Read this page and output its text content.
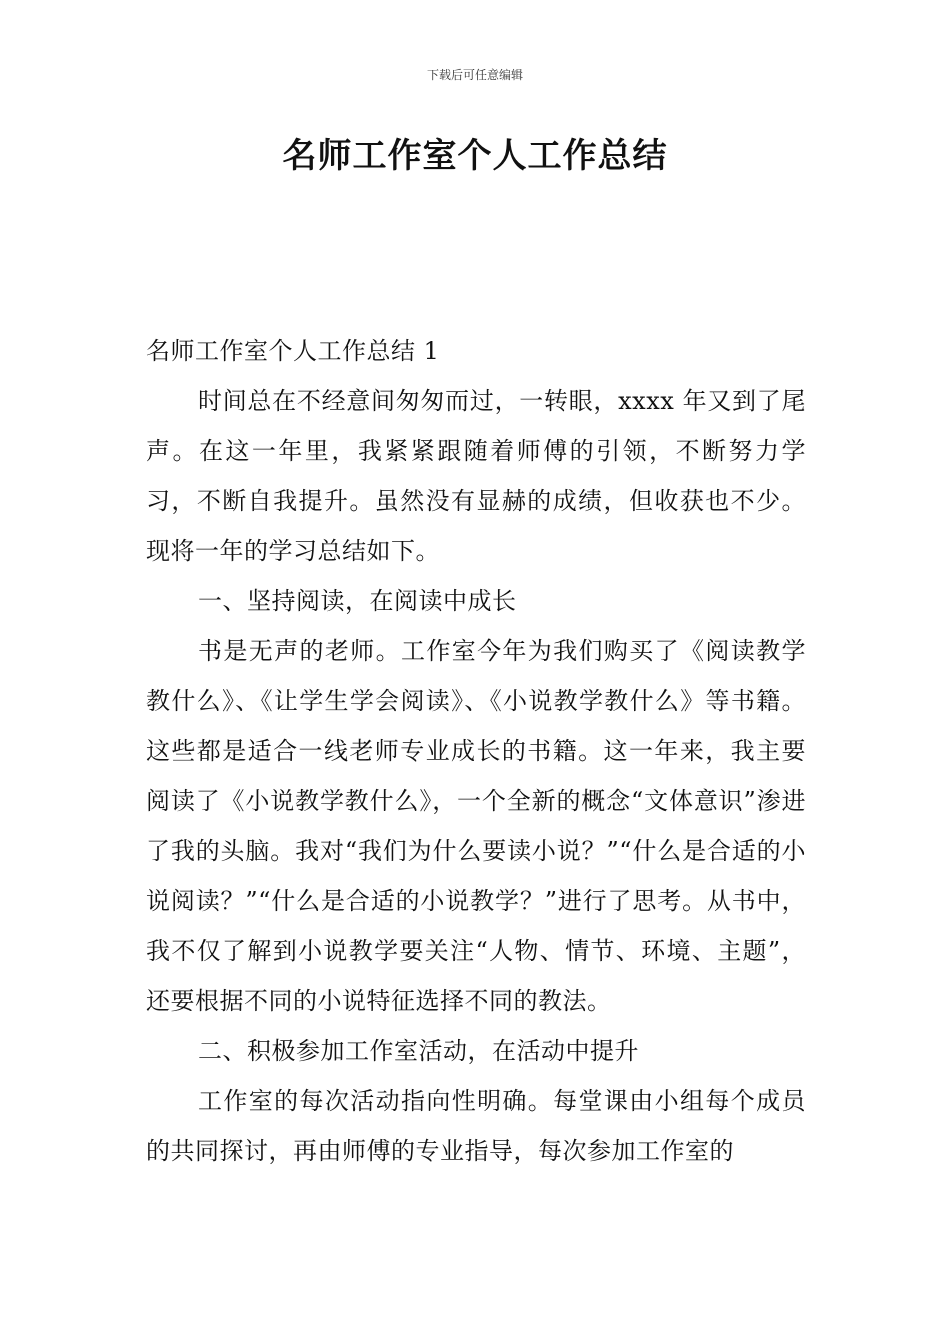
下载后可任意编辑
名师工作室个人工作总结

名师工作室个人工作总结 1

时间总在不经意间匆匆而过，一转眼，xxxx 年又到了尾声。在这一年里，我紧紧跟随着师傅的引领，不断努力学习，不断自我提升。虽然没有显赫的成绩，但收获也不少。现将一年的学习总结如下。

一、坚持阅读，在阅读中成长

书是无声的老师。工作室今年为我们购买了《阅读教学教什么》、《让学生学会阅读》、《小说教学教什么》等书籍。这些都是适合一线老师专业成长的书籍。这一年来，我主要阅读了《小说教学教什么》，一个全新的概念“文体意识”渗进了我的头脑。我对“我们为什么要读小说？”“什么是合适的小说阅读？”“什么是合适的小说教学？”进行了思考。从书中，我不仅了解到小说教学要关注“人物、情节、环境、主题”，还要根据不同的小说特征选择不同的教法。

二、积极参加工作室活动，在活动中提升

工作室的每次活动指向性明确。每堂课由小组每个成员的共同探讨，再由师傅的专业指导，每次参加工作室的
